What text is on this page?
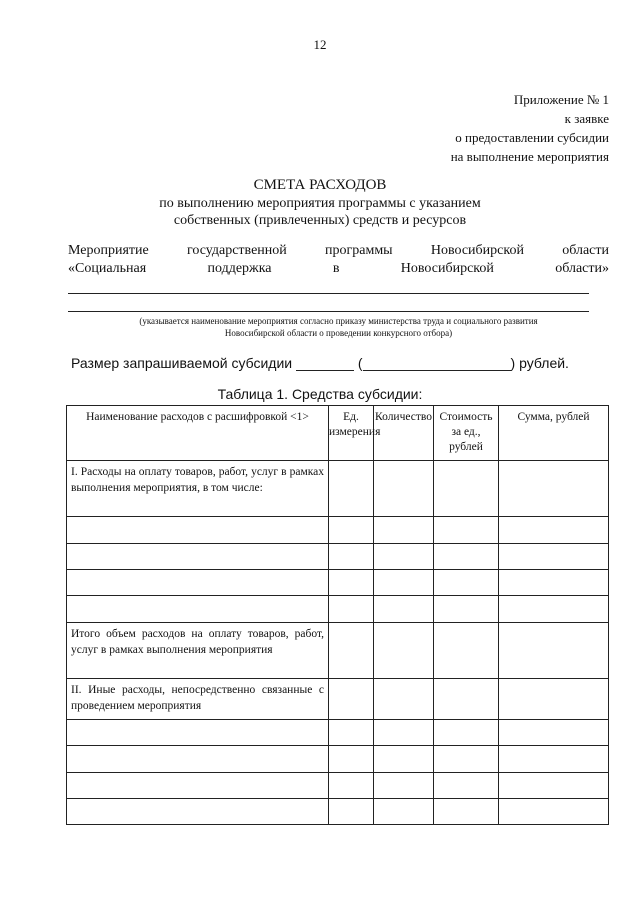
12
Приложение № 1
к заявке
о предоставлении субсидии
на выполнение мероприятия
СМЕТА РАСХОДОВ
по выполнению мероприятия программы с указанием
собственных (привлеченных) средств и ресурсов
Мероприятие	государственной	программы	Новосибирской	области
«Социальная	поддержка	в	Новосибирской	области»
(указывается наименование мероприятия согласно приказу министерства труда и социального развития
Новосибирской области о проведении конкурсного отбора)
Размер запрашиваемой субсидии	(	) рублей.
Таблица 1. Средства субсидии:
Наименование расходов с расшифровкой <1>	Ед. измерения	Количество	Стоимость за ед., рублей	Сумма, рублей
I. Расходы на оплату товаров, работ, услуг в рамках выполнения мероприятия, в том числе:				

Итого объем расходов на оплату товаров, работ, услуг в рамках выполнения мероприятия				
II. Иные расходы, непосредственно связанные с проведением мероприятия				
